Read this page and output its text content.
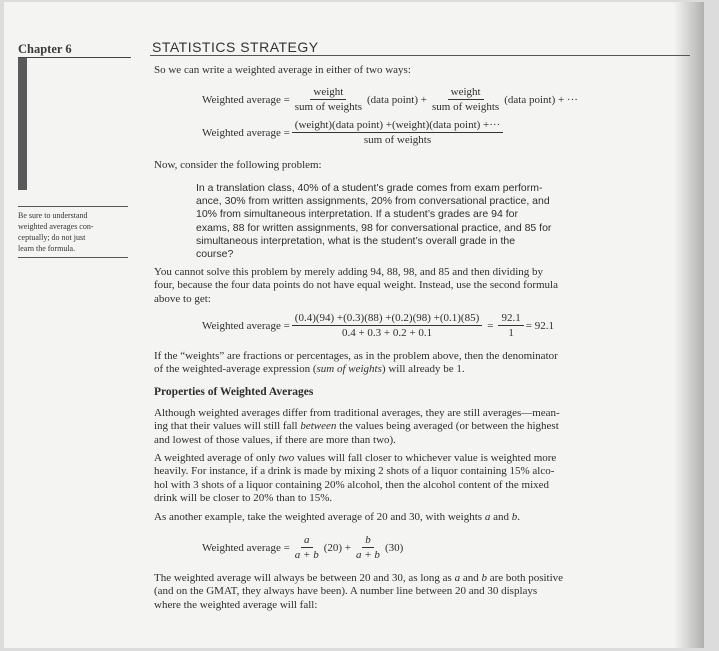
Chapter 6
Be sure to understand
weighted averages con-
ceptually; do not just
learn the formula.
STATISTICS STRATEGY
So we can write a weighted average in either of two ways:
Weighted average = $\frac{\text{weight}}{\text{sum of weights}}$ (data point) + $\frac{\text{weight}}{\text{sum of weights}}$ (data point) + ···
Weighted average = $\frac{\text{(weight)(data point) +(weight)(data point) +···}}{\text{sum of weights}}$
Now, consider the following problem:
In a translation class, 40% of a student’s grade comes from exam perform-
ance, 30% from written assignments, 20% from conversational practice, and
10% from simultaneous interpretation. If a student’s grades are 94 for
exams, 88 for written assignments, 98 for conversational practice, and 85 for
simultaneous interpretation, what is the student’s overall grade in the
course?
You cannot solve this problem by merely adding 94, 88, 98, and 85 and then dividing by
four, because the four data points do not have equal weight. Instead, use the second formula
above to get:
Weighted average = $\frac{(0.4)(94) +(0.3)(88) +(0.2)(98) +(0.1)(85)}{0.4 + 0.3 + 0.2 + 0.1} = \frac{92.1}{1} = 92.1$
If the “weights” are fractions or percentages, as in the problem above, then the denominator
of the weighted-average expression (sum of weights) will already be 1.
Properties of Weighted Averages
Although weighted averages differ from traditional averages, they are still averages—mean-
ing that their values will still fall between the values being averaged (or between the highest
and lowest of those values, if there are more than two).
A weighted average of only two values will fall closer to whichever value is weighted more
heavily. For instance, if a drink is made by mixing 2 shots of a liquor containing 15% alco-
hol with 3 shots of a liquor containing 20% alcohol, then the alcohol content of the mixed
drink will be closer to 20% than to 15%.
As another example, take the weighted average of 20 and 30, with weights a and b.
Weighted average = $\frac{a}{a + b} (20) + \frac{b}{a + b} (30)$
The weighted average will always be between 20 and 30, as long as a and b are both positive
(and on the GMAT, they always have been). A number line between 20 and 30 displays
where the weighted average will fall:
